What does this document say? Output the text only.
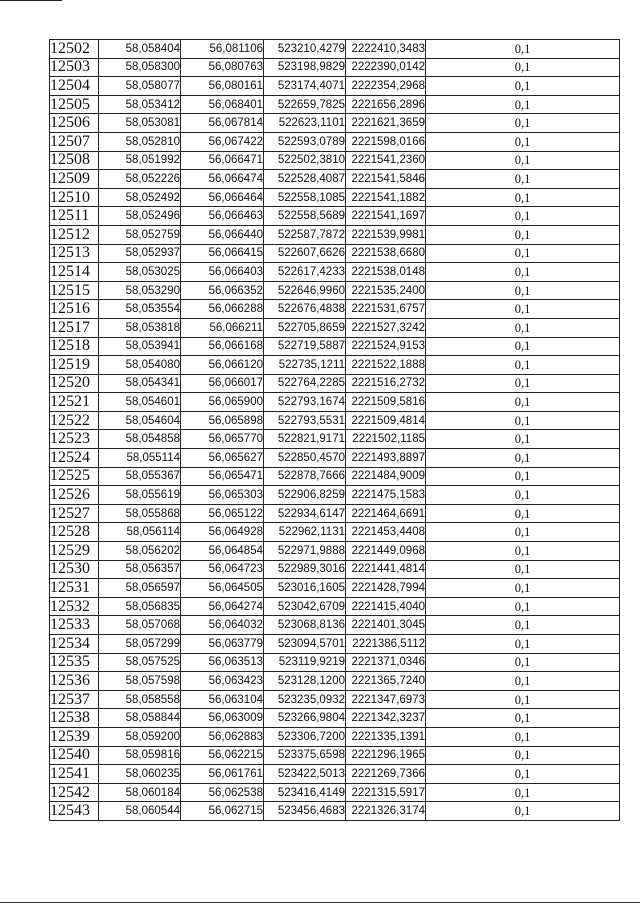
12502	58,058404	56,081106	523210,4279	2222410,3483	0,1
12503	58,058300	56,080763	523198,9829	2222390,0142	0,1
12504	58,058077	56,080161	523174,4071	2222354,2968	0,1
12505	58,053412	56,068401	522659,7825	2221656,2896	0,1
12506	58,053081	56,067814	522623,1101	2221621,3659	0,1
12507	58,052810	56,067422	522593,0789	2221598,0166	0,1
12508	58,051992	56,066471	522502,3810	2221541,2360	0,1
12509	58,052226	56,066474	522528,4087	2221541,5846	0,1
12510	58,052492	56,066464	522558,1085	2221541,1882	0,1
12511	58,052496	56,066463	522558,5689	2221541,1697	0,1
12512	58,052759	56,066440	522587,7872	2221539,9981	0,1
12513	58,052937	56,066415	522607,6626	2221538,6680	0,1
12514	58,053025	56,066403	522617,4233	2221538,0148	0,1
12515	58,053290	56,066352	522646,9960	2221535,2400	0,1
12516	58,053554	56,066288	522676,4838	2221531,6757	0,1
12517	58,053818	56,066211	522705,8659	2221527,3242	0,1
12518	58,053941	56,066168	522719,5887	2221524,9153	0,1
12519	58,054080	56,066120	522735,1211	2221522,1888	0,1
12520	58,054341	56,066017	522764,2285	2221516,2732	0,1
12521	58,054601	56,065900	522793,1674	2221509,5816	0,1
12522	58,054604	56,065898	522793,5531	2221509,4814	0,1
12523	58,054858	56,065770	522821,9171	2221502,1185	0,1
12524	58,055114	56,065627	522850,4570	2221493,8897	0,1
12525	58,055367	56,065471	522878,7666	2221484,9009	0,1
12526	58,055619	56,065303	522906,8259	2221475,1583	0,1
12527	58,055868	56,065122	522934,6147	2221464,6691	0,1
12528	58,056114	56,064928	522962,1131	2221453,4408	0,1
12529	58,056202	56,064854	522971,9888	2221449,0968	0,1
12530	58,056357	56,064723	522989,3016	2221441,4814	0,1
12531	58,056597	56,064505	523016,1605	2221428,7994	0,1
12532	58,056835	56,064274	523042,6709	2221415,4040	0,1
12533	58,057068	56,064032	523068,8136	2221401,3045	0,1
12534	58,057299	56,063779	523094,5701	2221386,5112	0,1
12535	58,057525	56,063513	523119,9219	2221371,0346	0,1
12536	58,057598	56,063423	523128,1200	2221365,7240	0,1
12537	58,058558	56,063104	523235,0932	2221347,6973	0,1
12538	58,058844	56,063009	523266,9804	2221342,3237	0,1
12539	58,059200	56,062883	523306,7200	2221335,1391	0,1
12540	58,059816	56,062215	523375,6598	2221296,1965	0,1
12541	58,060235	56,061761	523422,5013	2221269,7366	0,1
12542	58,060184	56,062538	523416,4149	2221315,5917	0,1
12543	58,060544	56,062715	523456,4683	2221326,3174	0,1
